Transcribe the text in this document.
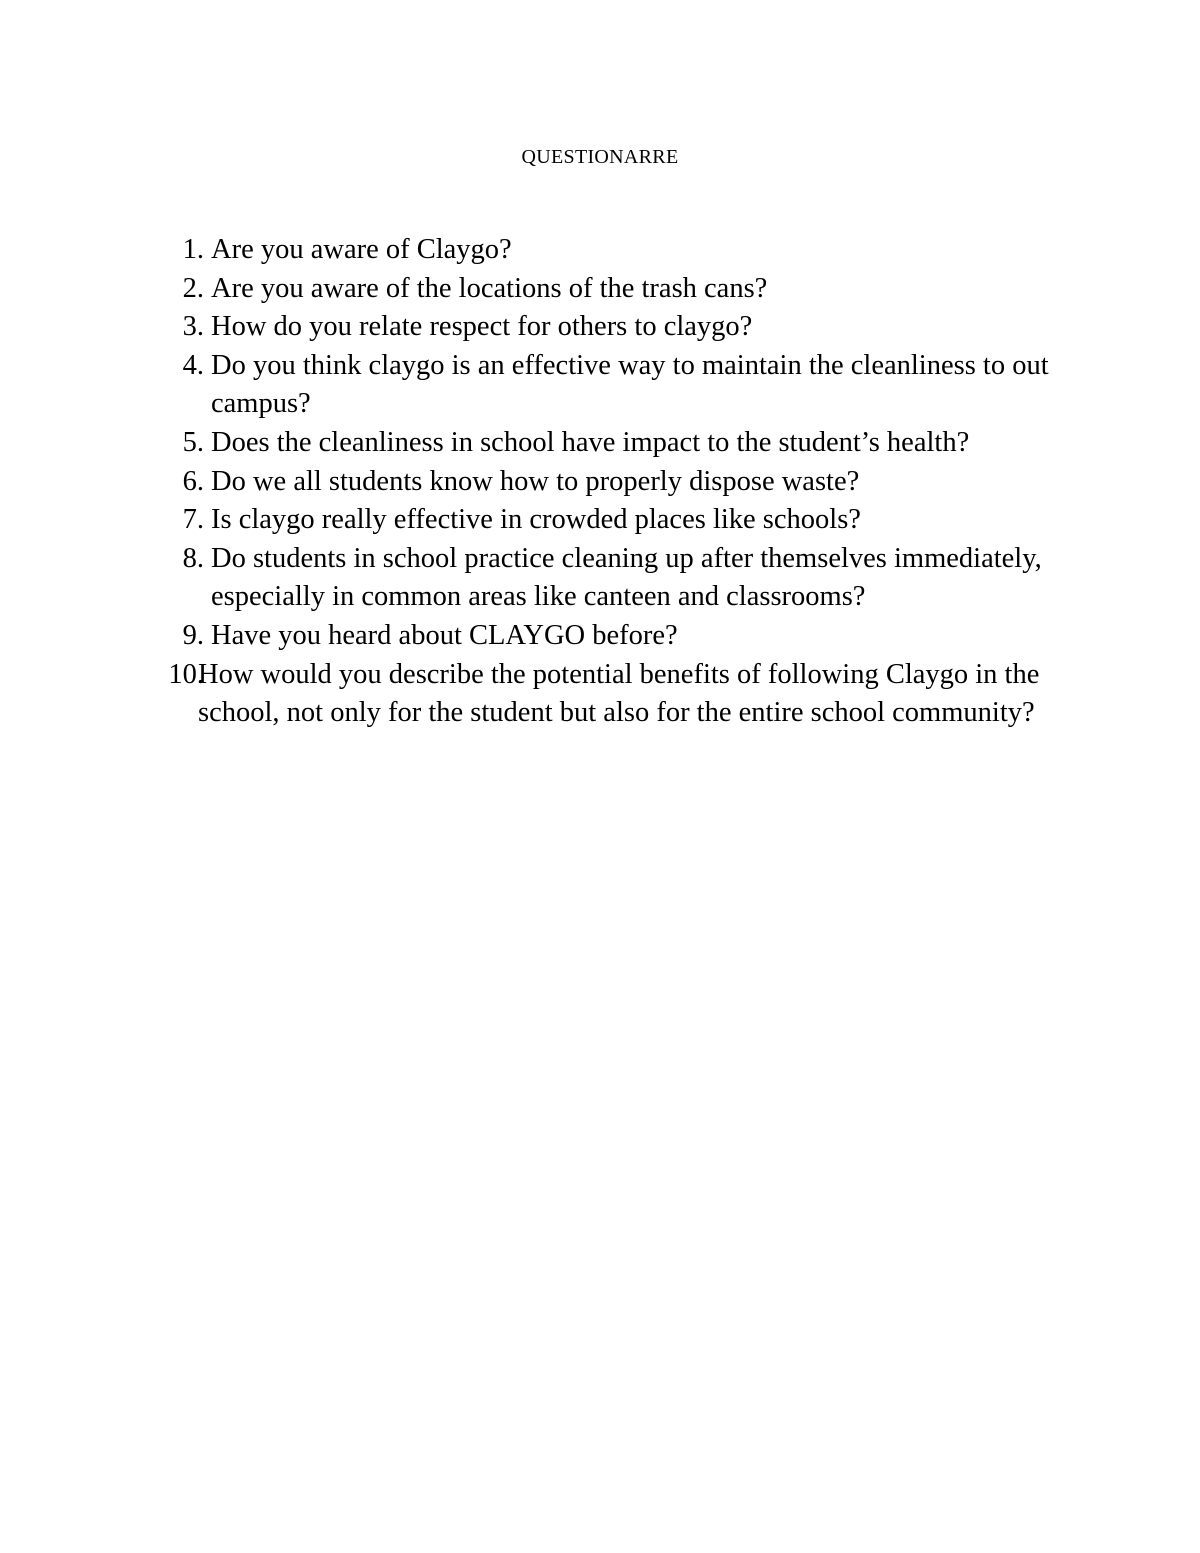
QUESTIONARRE
1. Are you aware of Claygo?
2. Are you aware of the locations of the trash cans?
3. How do you relate respect for others to claygo?
4. Do you think claygo is an effective way to maintain the cleanliness to out campus?
5. Does the cleanliness in school have impact to the student’s health?
6. Do we all students know how to properly dispose waste?
7. Is claygo really effective in crowded places like schools?
8. Do students in school practice cleaning up after themselves immediately, especially in common areas like canteen and classrooms?
9. Have you heard about CLAYGO before?
10.
How would you describe the potential benefits of following Claygo in the school, not only for the student but also for the entire school community?
